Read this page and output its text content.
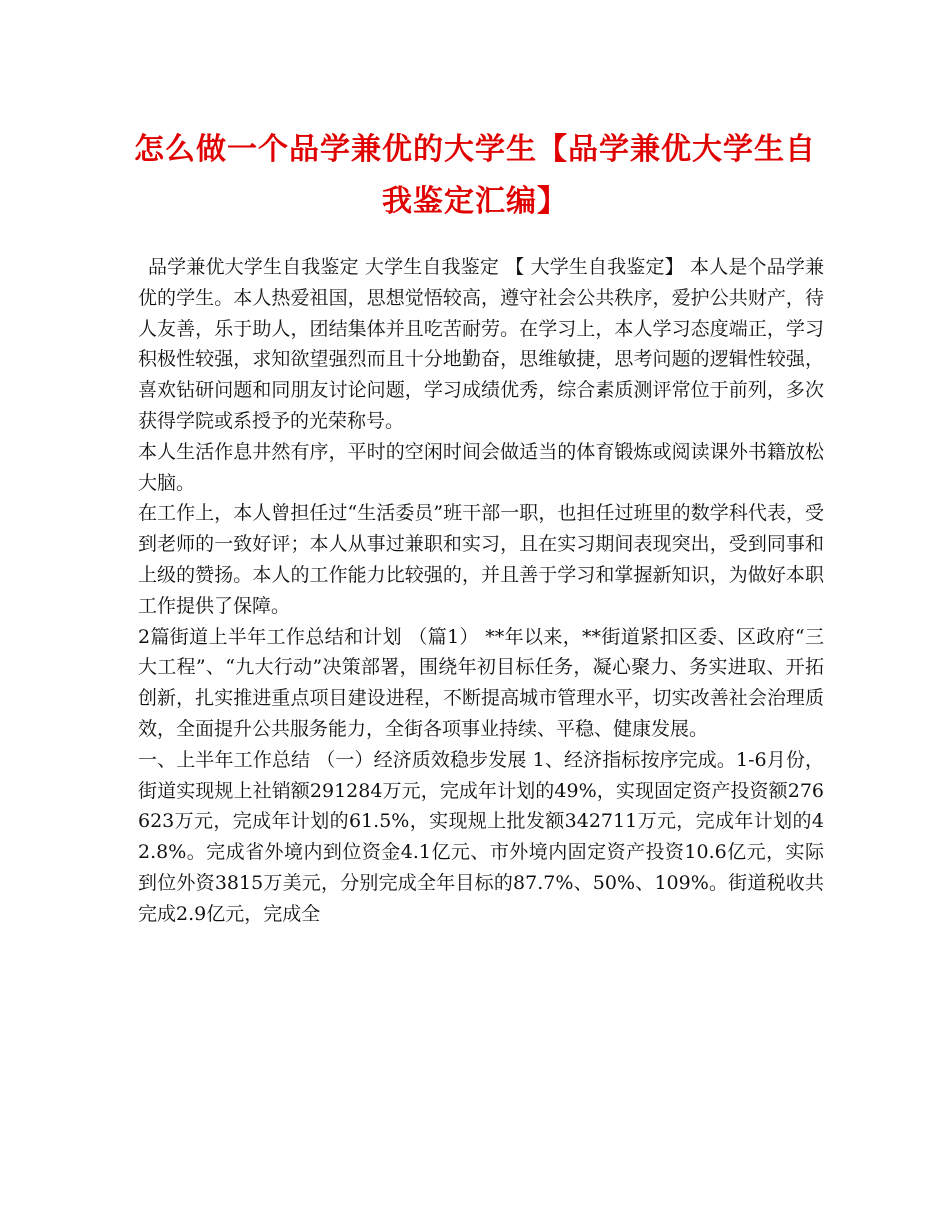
怎么做一个品学兼优的大学生【品学兼优大学生自我鉴定汇编】

品学兼优大学生自我鉴定 大学生自我鉴定 【 大学生自我鉴定】 本人是个品学兼优的学生。本人热爱祖国，思想觉悟较高，遵守社会公共秩序，爱护公共财产，待人友善，乐于助人，团结集体并且吃苦耐劳。在学习上，本人学习态度端正，学习积极性较强，求知欲望强烈而且十分地勤奋，思维敏捷，思考问题的逻辑性较强，喜欢钻研问题和同朋友讨论问题，学习成绩优秀，综合素质测评常位于前列，多次获得学院或系授予的光荣称号。

本人生活作息井然有序，平时的空闲时间会做适当的体育锻炼或阅读课外书籍放松大脑。

在工作上，本人曾担任过“生活委员”班干部一职，也担任过班里的数学科代表，受到老师的一致好评；本人从事过兼职和实习，且在实习期间表现突出，受到同事和上级的赞扬。本人的工作能力比较强的，并且善于学习和掌握新知识，为做好本职工作提供了保障。

2篇街道上半年工作总结和计划 （篇1） **年以来，**街道紧扣区委、区政府“三大工程”、“九大行动”决策部署，围绕年初目标任务，凝心聚力、务实进取、开拓创新，扎实推进重点项目建设进程，不断提高城市管理水平，切实改善社会治理质效，全面提升公共服务能力，全街各项事业持续、平稳、健康发展。

一、上半年工作总结 （一）经济质效稳步发展 1、经济指标按序完成。1-6月份，街道实现规上社销额291284万元，完成年计划的49%，实现固定资产投资额276623万元，完成年计划的61.5%，实现规上批发额342711万元，完成年计划的42.8%。完成省外境内到位资金4.1亿元、市外境内固定资产投资10.6亿元，实际到位外资3815万美元，分别完成全年目标的87.7%、50%、109%。街道税收共完成2.9亿元，完成全
